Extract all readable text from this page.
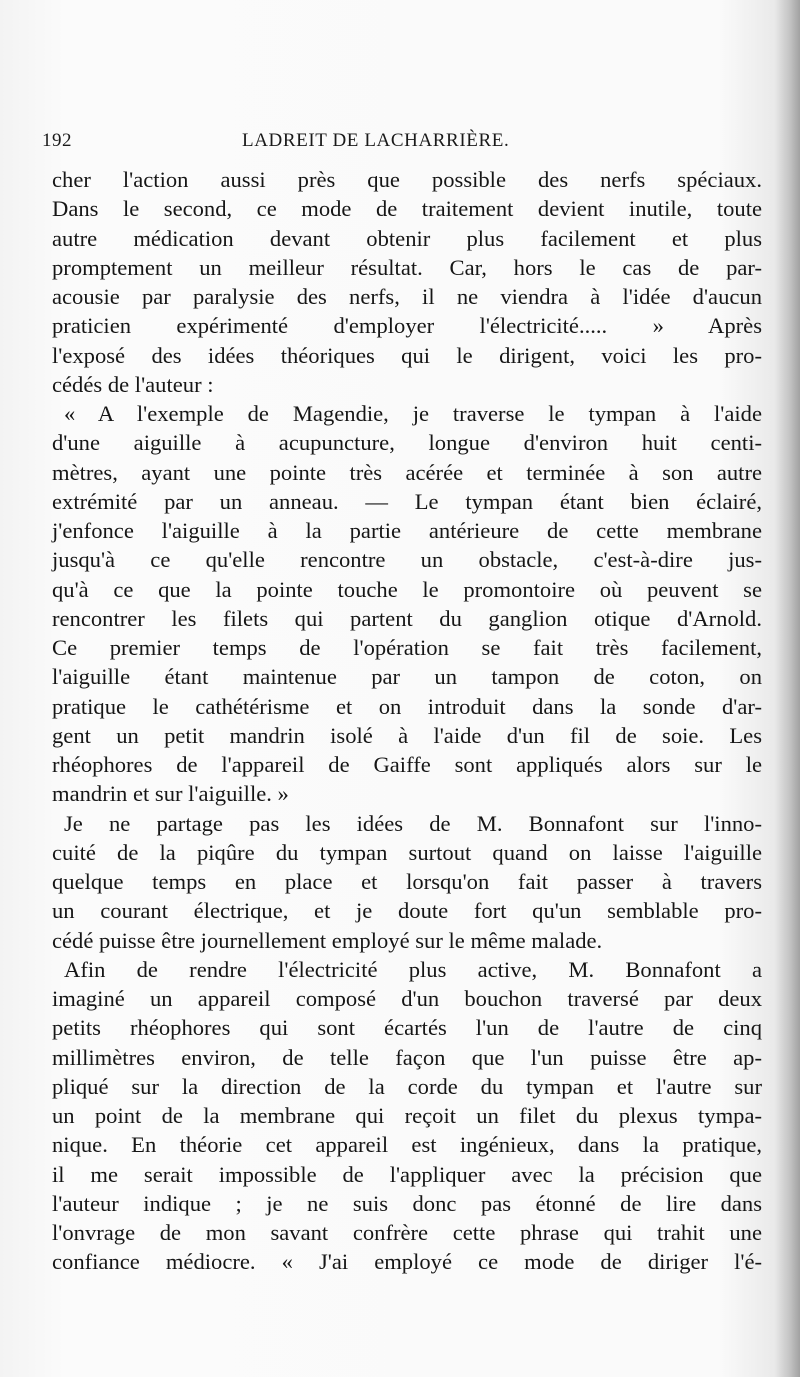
192	LADREIT DE LACHARRIÈRE.
cher l'action aussi près que possible des nerfs spéciaux.
Dans le second, ce mode de traitement devient inutile, toute
autre médication devant obtenir plus facilement et plus
promptement un meilleur résultat. Car, hors le cas de par-
acousie par paralysie des nerfs, il ne viendra à l'idée d'aucun
praticien expérimenté d'employer l'électricité..... » Après
l'exposé des idées théoriques qui le dirigent, voici les pro-
cédés de l'auteur :
« A l'exemple de Magendie, je traverse le tympan à l'aide
d'une aiguille à acupuncture, longue d'environ huit centi-
mètres, ayant une pointe très acérée et terminée à son autre
extrémité par un anneau. — Le tympan étant bien éclairé,
j'enfonce l'aiguille à la partie antérieure de cette membrane
jusqu'à ce qu'elle rencontre un obstacle, c'est-à-dire jus-
qu'à ce que la pointe touche le promontoire où peuvent se
rencontrer les filets qui partent du ganglion otique d'Arnold.
Ce premier temps de l'opération se fait très facilement,
l'aiguille étant maintenue par un tampon de coton, on
pratique le cathétérisme et on introduit dans la sonde d'ar-
gent un petit mandrin isolé à l'aide d'un fil de soie. Les
rhéophores de l'appareil de Gaiffe sont appliqués alors sur le
mandrin et sur l'aiguille. »
Je ne partage pas les idées de M. Bonnafont sur l'inno-
cuité de la piqûre du tympan surtout quand on laisse l'aiguille
quelque temps en place et lorsqu'on fait passer à travers
un courant électrique, et je doute fort qu'un semblable pro-
cédé puisse être journellement employé sur le même malade.
Afin de rendre l'électricité plus active, M. Bonnafont a
imaginé un appareil composé d'un bouchon traversé par deux
petits rhéophores qui sont écartés l'un de l'autre de cinq
millimètres environ, de telle façon que l'un puisse être ap-
pliqué sur la direction de la corde du tympan et l'autre sur
un point de la membrane qui reçoit un filet du plexus tympa-
nique. En théorie cet appareil est ingénieux, dans la pratique,
il me serait impossible de l'appliquer avec la précision que
l'auteur indique ; je ne suis donc pas étonné de lire dans
l'onvrage de mon savant confrère cette phrase qui trahit une
confiance médiocre. « J'ai employé ce mode de diriger l'é-
